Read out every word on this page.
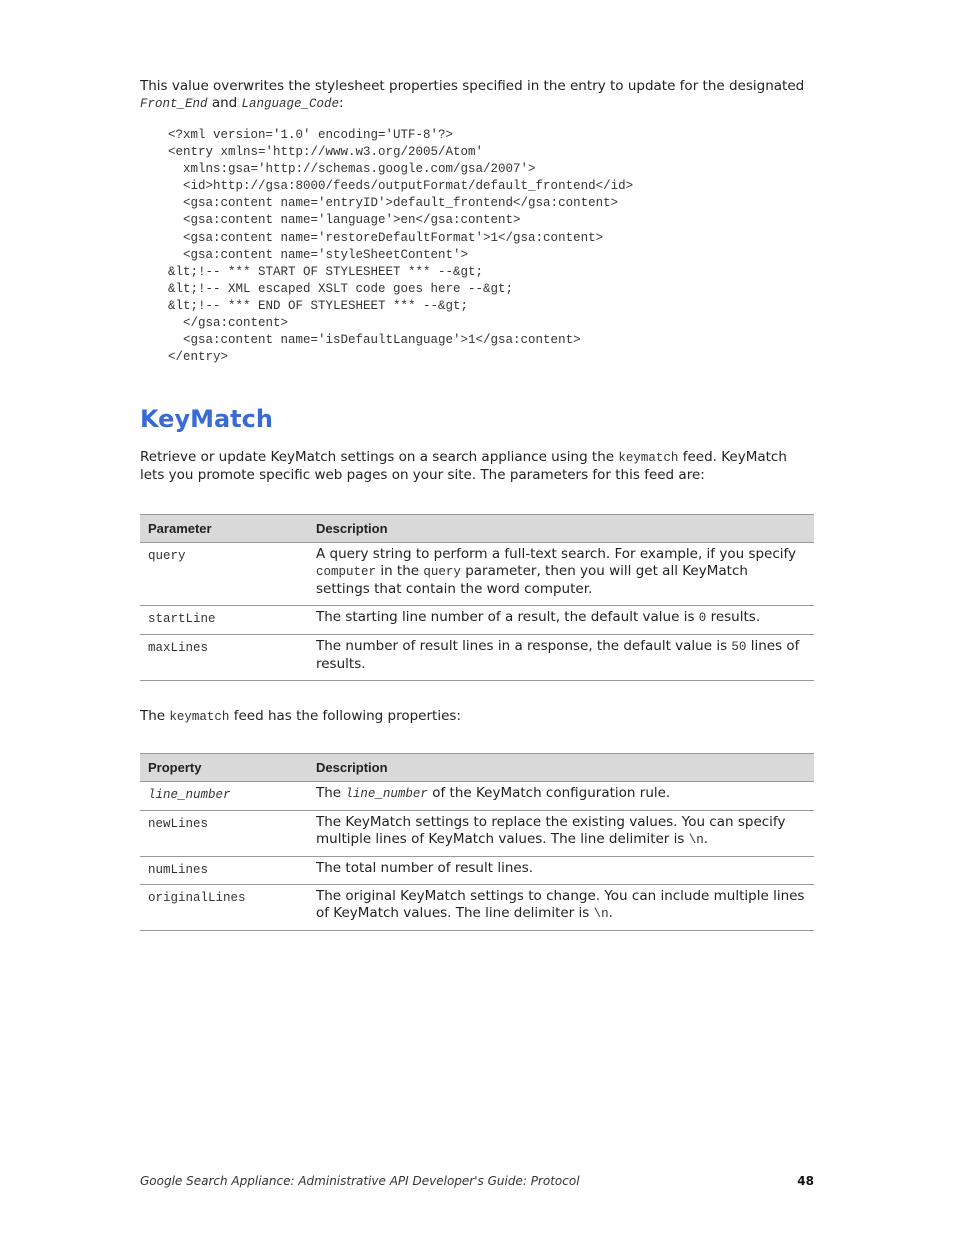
This value overwrites the stylesheet properties specified in the entry to update for the designated
Front_End and Language_Code:

<?xml version='1.0' encoding='UTF-8'?>
<entry xmlns='http://www.w3.org/2005/Atom'
xmlns:gsa='http://schemas.google.com/gsa/2007'>
<id>http://gsa:8000/feeds/outputFormat/default_frontend</id>
<gsa:content name='entryID'>default_frontend</gsa:content>
<gsa:content name='language'>en</gsa:content>
<gsa:content name='restoreDefaultFormat'>1</gsa:content>
<gsa:content name='styleSheetContent'>
&lt;!-- *** START OF STYLESHEET *** --&gt;
&lt;!-- XML escaped XSLT code goes here --&gt;
&lt;!-- *** END OF STYLESHEET *** --&gt;
</gsa:content>
<gsa:content name='isDefaultLanguage'>1</gsa:content>
</entry>
KeyMatch

Retrieve or update KeyMatch settings on a search appliance using the keymatch feed. KeyMatch lets you promote specific web pages on your site. The parameters for this feed are:

Parameter	Description
query	A query string to perform a full-text search. For example, if you specify
computer in the query parameter, then you will get all KeyMatch settings that contain the word computer.
startLine	The starting line number of a result, the default value is 0 results.
maxLines	The number of result lines in a response, the default value is 50 lines of results.

The keymatch feed has the following properties:

Property	Description
line_number	The line_number of the KeyMatch configuration rule.
newLines	The KeyMatch settings to replace the existing values. You can specify multiple lines of KeyMatch values. The line delimiter is \n.
numLines	The total number of result lines.
originalLines	The original KeyMatch settings to change. You can include multiple lines of KeyMatch values. The line delimiter is \n.
Google Search Appliance: Administrative API Developer's Guide: Protocol	48
